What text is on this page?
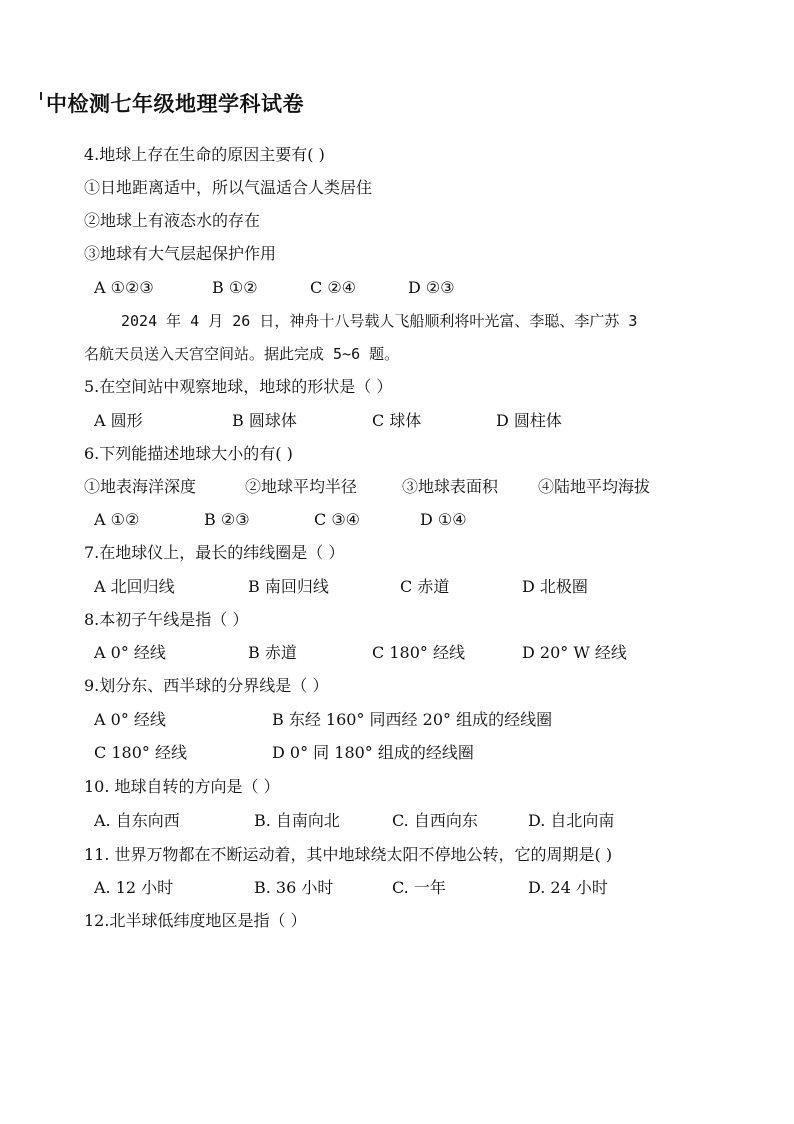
中检测七年级地理学科试卷
4.地球上存在生命的原因主要有( )
①日地距离适中，所以气温适合人类居住
②地球上有液态水的存在
③地球有大气层起保护作用
A ①②③	B ①②	C ②④	D ②③
2024 年 4 月 26 日，神舟十八号载人飞船顺利将叶光富、李聪、李广苏 3
名航天员送入天宫空间站。据此完成 5~6 题。
5.在空间站中观察地球，地球的形状是（ ）
A 圆形	B 圆球体	C 球体	D 圆柱体
6.下列能描述地球大小的有( )
①地表海洋深度	②地球平均半径	③地球表面积 ④陆地平均海拔
A ①②	B ②③	C ③④	D ①④
7.在地球仪上，最长的纬线圈是（ ）
A 北回归线	B 南回归线	C 赤道	D 北极圈
8.本初子午线是指（ ）
A 0° 经线	B 赤道	C 180° 经线	D 20° W 经线
9.划分东、西半球的分界线是（ ）
A 0° 经线	B 东经 160° 同西经 20° 组成的经线圈
C 180° 经线	D 0° 同 180° 组成的经线圈
10. 地球自转的方向是（ ）
A. 自东向西	B. 自南向北	C. 自西向东	D. 自北向南
11. 世界万物都在不断运动着，其中地球绕太阳不停地公转，它的周期是( )
A. 12 小时	B. 36 小时	C. 一年	D. 24 小时
12.北半球低纬度地区是指（ ）
